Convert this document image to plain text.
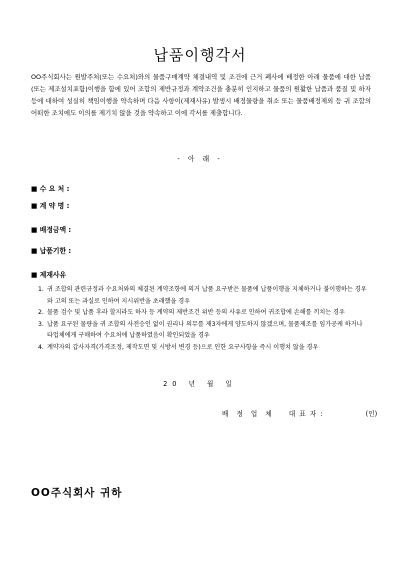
납품이행각서
OO주식회사는 원발주처(또는 수요처)와의 물품구매계약 체결내역 및 조건에 근거 폐사에 배정한 아래 물품에 대한 납품(또는 제조설치포함)이행을 함에 있어 조합의 제반규정과 계약조건을 충분히 인지하고 물품의 원활한 납품과 품질 및 하자 등에 대하여 성실히 책임이행을 약속하며 다음 사항이(제재사유) 발생시 배정물량을 취소 또는 물품배정제외 등 귀 조합의 어떠한 조치에도 이의를 제기치 않을 것을 약속하고 이에 각서를 제출합니다.
- 아 래 -
■ 수 요 처 :
■ 계 약 명 :
■ 배정금액 :
■ 납품기한 :
■ 제재사유
1. 귀 조합의 관련규정과 수요처와의 체결된 계약조항에 의거 납품 요구받은 물품에 납품이행을 지체하거나 불이행하는 경우와 고의 또는 과실로 인하여 지시위반을 초래했을 경우
2. 물품 검수 및 납품 후라 할지라도 하자 등 계약의 제반조건 위반 등의 사유로 인하여 귀조합에 손해를 끼치는 경우
3. 납품 요구된 물량을 귀 조합의 사전승인 없이 권리나 의무를 제3자에게 양도하지 않겠으며, 물품제조를 임가공케 하거나 타업체에게 구매하여 수요처에 납품하였음이 확인되었을 경우
4. 계약자의 갑사자격(가격조정, 제작도면 및 시방서 변경 등)으로 인한 요구사항을 즉시 이행치 않을 경우
20 년 월 일
배 정 업 체 대 표 자 :	(인)
OO주식회사 귀하
